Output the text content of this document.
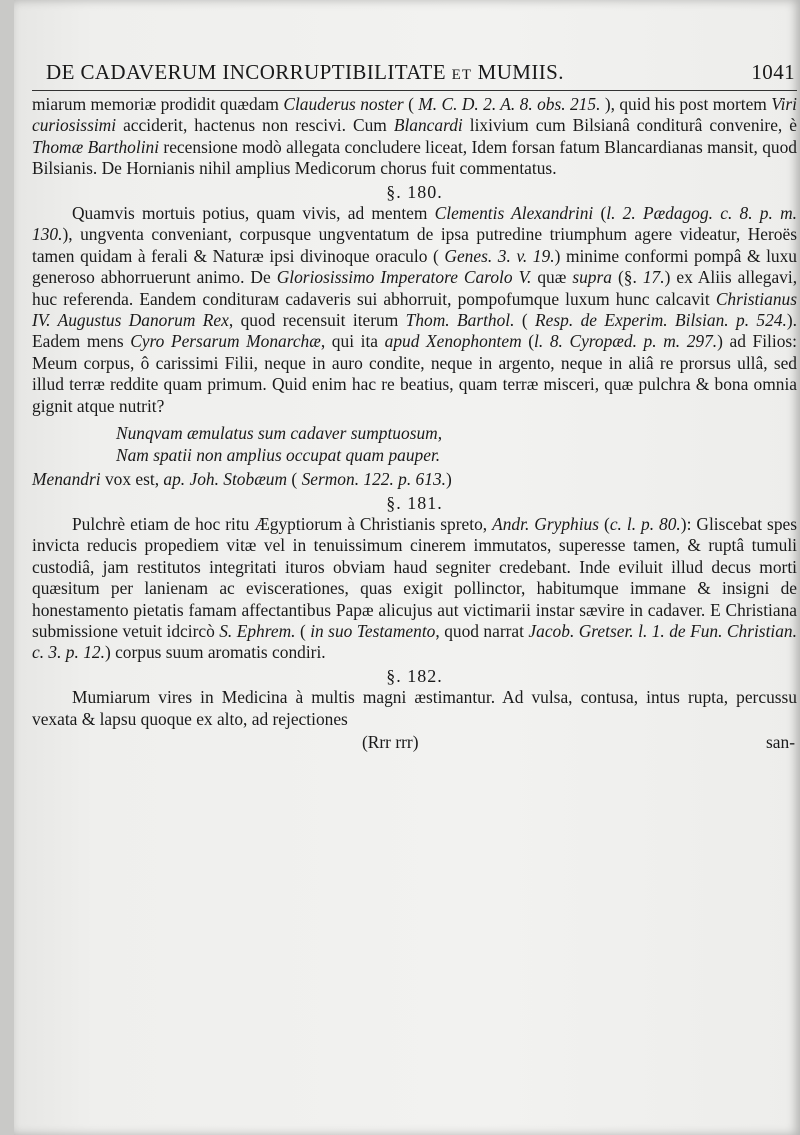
DE CADAVERUM INCORRUPTIBILITATE ET MUMIIS.	1041

miarum memoriæ prodidit quædam Clauderus noster ( M. C. D. 2. A. 8. obs. 215. ), quid his post mortem Viri curiosissimi acciderit, hactenus non rescivi. Cum Blancardi lixivium cum Bilsianâ conditurâ convenire, è Thomæ Bartholini recensione modò allegata concludere liceat, Idem forsan fatum Blancardianas mansit, quod Bilsianis. De Hornianis nihil amplius Medicorum chorus fuit commentatus.

§. 180.

Quamvis mortuis potius, quam vivis, ad mentem Clementis Alexandrini (l. 2. Pædagog. c. 8. p. m. 130.), ungventa conveniant, corpusque ungventatum de ipsa putredine triumphum agere videatur, Heroës tamen quidam à ferali & Naturæ ipsi divinoque oraculo ( Genes. 3. v. 19.) minime conformi pompâ & luxu generoso abhorruerunt animo. De Gloriosissimo Imperatore Carolo V. quæ supra (§. 17.) ex Aliis allegavi, huc referenda. Eandem conditurам cadaveris sui abhorruit, pompofumque luxum hunc calcavit Christianus IV. Augustus Danorum Rex, quod recensuit iterum Thom. Barthol. ( Resp. de Experim. Bilsian. p. 524.). Eadem mens Cyro Persarum Monarchæ, qui ita apud Xenophontem (l. 8. Cyropæd. p. m. 297.) ad Filios: Meum corpus, ô carissimi Filii, neque in auro condite, neque in argento, neque in aliâ re prorsus ullâ, sed illud terræ reddite quam primum. Quid enim hac re beatius, quam terræ misceri, quæ pulchra & bona omnia gignit atque nutrit?

Nunqvam æmulatus sum cadaver sumptuosum,
Nam spatii non amplius occupat quam pauper.

Menandri vox est, ap. Joh. Stobæum ( Sermon. 122. p. 613.)

§. 181.

Pulchrè etiam de hoc ritu Ægyptiorum à Christianis spreto, Andr. Gryphius (c. l. p. 80.): Gliscebat spes invicta reducis propediem vitæ vel in tenuissimum cinerem immutatos, superesse tamen, & ruptâ tumuli custodiâ, jam restitutos integritati ituros obviam haud segniter credebant. Inde eviluit illud decus morti quæsitum per lanienam ac eviscerationes, quas exigit pollinctor, habitumque immane & insigni de honestamento pietatis famam affectantibus Papæ alicujus aut victimarii instar sævire in cadaver. E Christiana submissione vetuit idcircò S. Ephrem. ( in suo Testamento, quod narrat Jacob. Gretser. l. 1. de Fun. Christian. c. 3. p. 12.) corpus suum aromatis condiri.

§. 182.

Mumiarum vires in Medicina à multis magni æstimantur. Ad vulsa, contusa, intus rupta, percussu vexata & lapsu quoque ex alto, ad rejectiones

(Rrr rrr)	san-
